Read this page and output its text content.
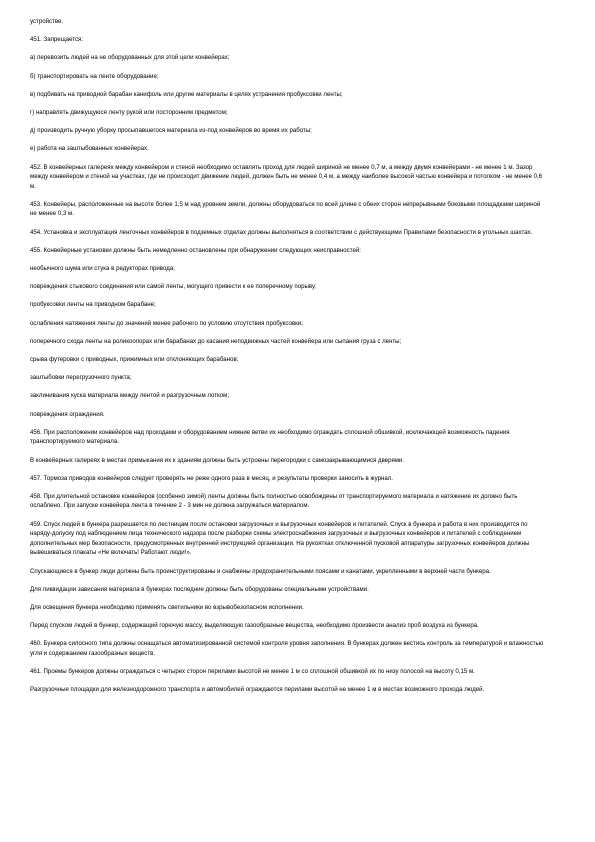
устройстве.

451. Запрещается:

а) перевозить людей на не оборудованных для этой цели конвейерах;

б) транспортировать на ленте оборудование;

в) подбивать на приводной барабан канифоль или другие материалы в целях устранения пробуксовки ленты;

г) направлять движущуюся ленту рукой или посторонним предметом;

д) производить ручную уборку просыпавшегося материала из-под конвейеров во время их работы;

е) работа на заштыбованных конвейерах.

452. В конвейерных галереях между конвейером и стеной необходимо оставлять проход для людей шириной не менее 0,7 м, а между двумя конвейерами - не менее 1 м. Зазор между конвейером и стеной на участках, где не происходит движение людей, должен быть не менее 0,4 м, а между наиболее высокой частью конвейера и потолком - не менее 0,6 м.

453. Конвейеры, расположенные на высоте более 1,5 м над уровнем земли, должны оборудоваться по всей длине с обеих сторон непрерывными боковыми площадками шириной не менее 0,3 м.

454. Установка и эксплуатация ленточных конвейеров в подземных отделах должны выполняться в соответствии с действующими Правилами безопасности в угольных шахтах.

455. Конвейерные установки должны быть немедленно остановлены при обнаружении следующих неисправностей:

необычного шума или стука в редукторах привода;

повреждения стыкового соединения или самой ленты, могущего привести к ее поперечному порыву;

пробуксовки ленты на приводном барабане;

ослабления натяжения ленты до значений менее рабочего по условию отсутствия пробуксовки;

поперечного схода ленты на роликоопорах или барабанах до касания неподвижных частей конвейера или сыпания груза с ленты;

срыва футеровки с приводных, прижимных или отклоняющих барабанов;

заштыбовки перегрузочного пункта;

заклинивания куска материала между лентой и разгрузочным лотком;

повреждения ограждения.

456. При расположении конвейеров над проходами и оборудованием нижние ветви их необходимо ограждать сплошной обшивкой, исключающей возможность падения транспортируемого материала.

В конвейерных галереях в местах примыкания их к зданиям должны быть устроены перегородки с самозакрывающимися дверями.

457. Тормоза приводов конвейеров следует проверять не реже одного раза в месяц, и результаты проверки заносить в журнал.

458. При длительной остановке конвейеров (особенно зимой) ленты должны быть полностью освобождены от транспортируемого материала и натяжение их должно быть ослаблено. При запуске конвейера лента в течение 2 - 3 мин не должна загружаться материалом.

459. Спуск людей в бункера разрешается по лестницам после остановки загрузочных и выгрузочных конвейеров и питателей. Спуск в бункера и работа в них производится по наряду-допуску под наблюдением лица технического надзора после разборки схемы электроснабжения загрузочных и выгрузочных конвейеров и питателей с соблюдением дополнительных мер безопасности, предусмотренных внутренней инструкцией организации. На рукоятках отключенной пусковой аппаратуры загрузочных конвейеров должны вывешиваться плакаты «Не включать! Работают люди!».

Спускающиеся в бункер люди должны быть проинструктированы и снабжены предохранительными поясами и канатами, укрепленными в верхней части бункера.

Для ликвидации зависания материала в бункерах последние должны быть оборудованы специальными устройствами.

Для освещения бункера необходимо применять светильники во взрывобезопасном исполнении.

Перед спуском людей в бункер, содержащий горючую массу, выделяющую газообразные вещества, необходимо произвести анализ проб воздуха из бункера.

460. Бункера силосного типа должны оснащаться автоматизированной системой контроля уровня заполнения. В бункерах должен вестись контроль за температурой и влажностью угля и содержанием газообразных веществ.

461. Проемы бункеров должны ограждаться с четырех сторон перилами высотой не менее 1 м со сплошной обшивкой их по низу полосой на высоту 0,15 м.

Разгрузочные площадки для железнодорожного транспорта и автомобилей ограждаются перилами высотой не менее 1 м в местах возможного прохода людей.
